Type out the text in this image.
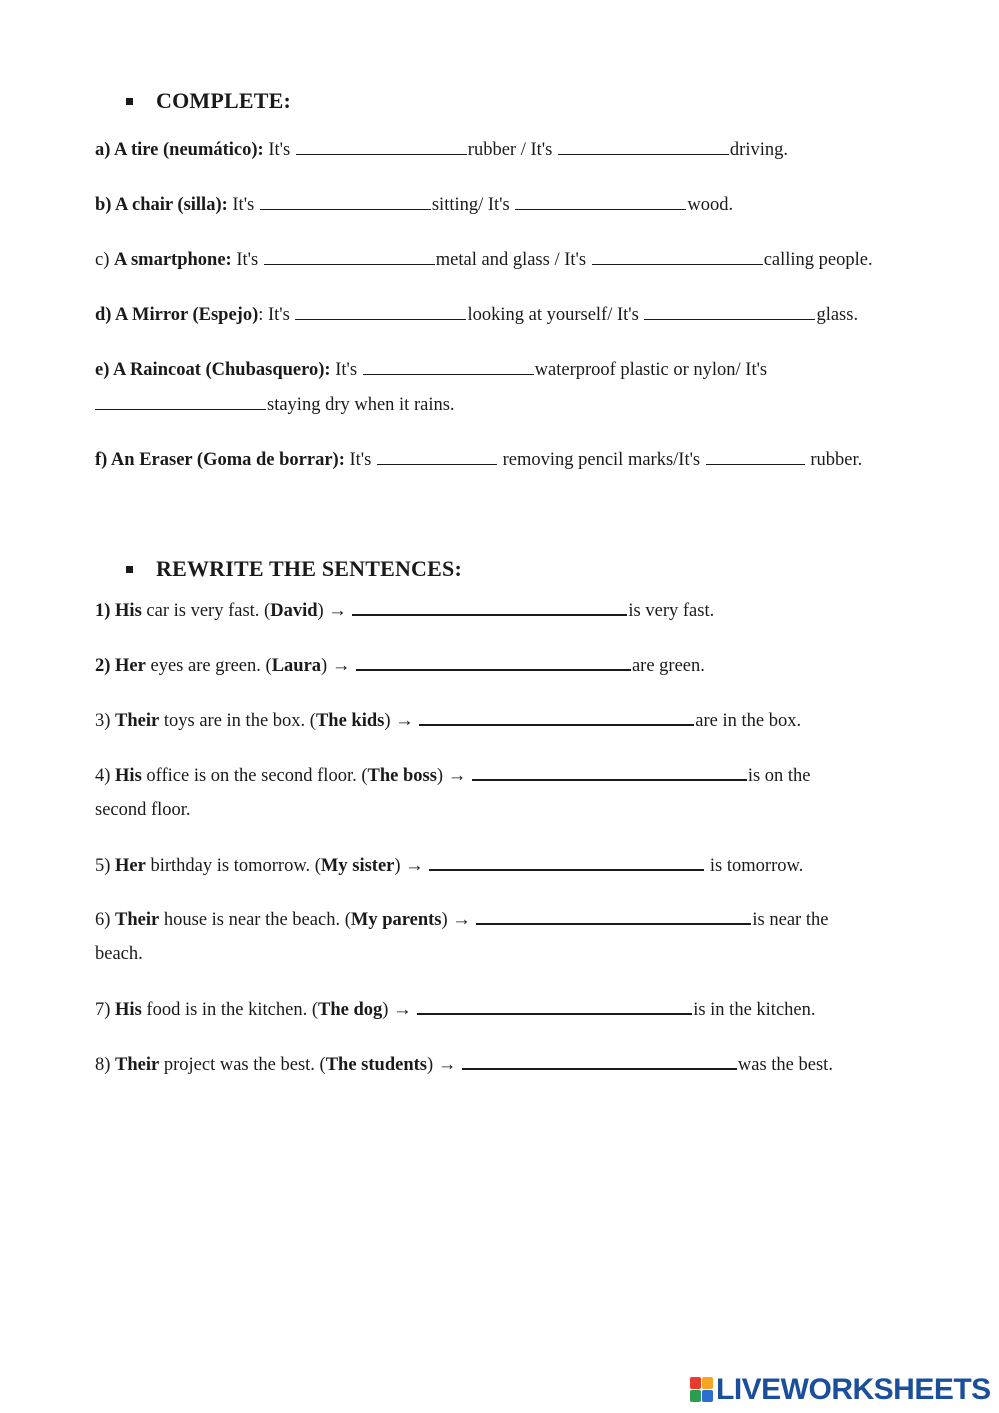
COMPLETE:
a) A tire (neumático): It's	rubber / It's	driving.
b) A chair (silla): It's	sitting/ It's	wood.
c) A smartphone: It's	metal and glass / It's	calling people.
d) A Mirror (Espejo): It's	looking at yourself/ It's	glass.
e) A Raincoat (Chubasquero): It's	waterproof plastic or nylon/ It's
staying dry when it rains.
f) An Eraser (Goma de borrar): It's	removing pencil marks/It's	rubber.
REWRITE THE SENTENCES:
1) His car is very fast. (David) →	is very fast.
2) Her eyes are green. (Laura) →	are green.
3) Their toys are in the box. (The kids) →	are in the box.
4) His office is on the second floor. (The boss) →	is on the
second floor.
5) Her birthday is tomorrow. (My sister) →	is tomorrow.
6) Their house is near the beach. (My parents) →	is near the
beach.
7) His food is in the kitchen. (The dog) →	is in the kitchen.
8) Their project was the best. (The students) →	was the best.
LIVEWORKSHEETS
